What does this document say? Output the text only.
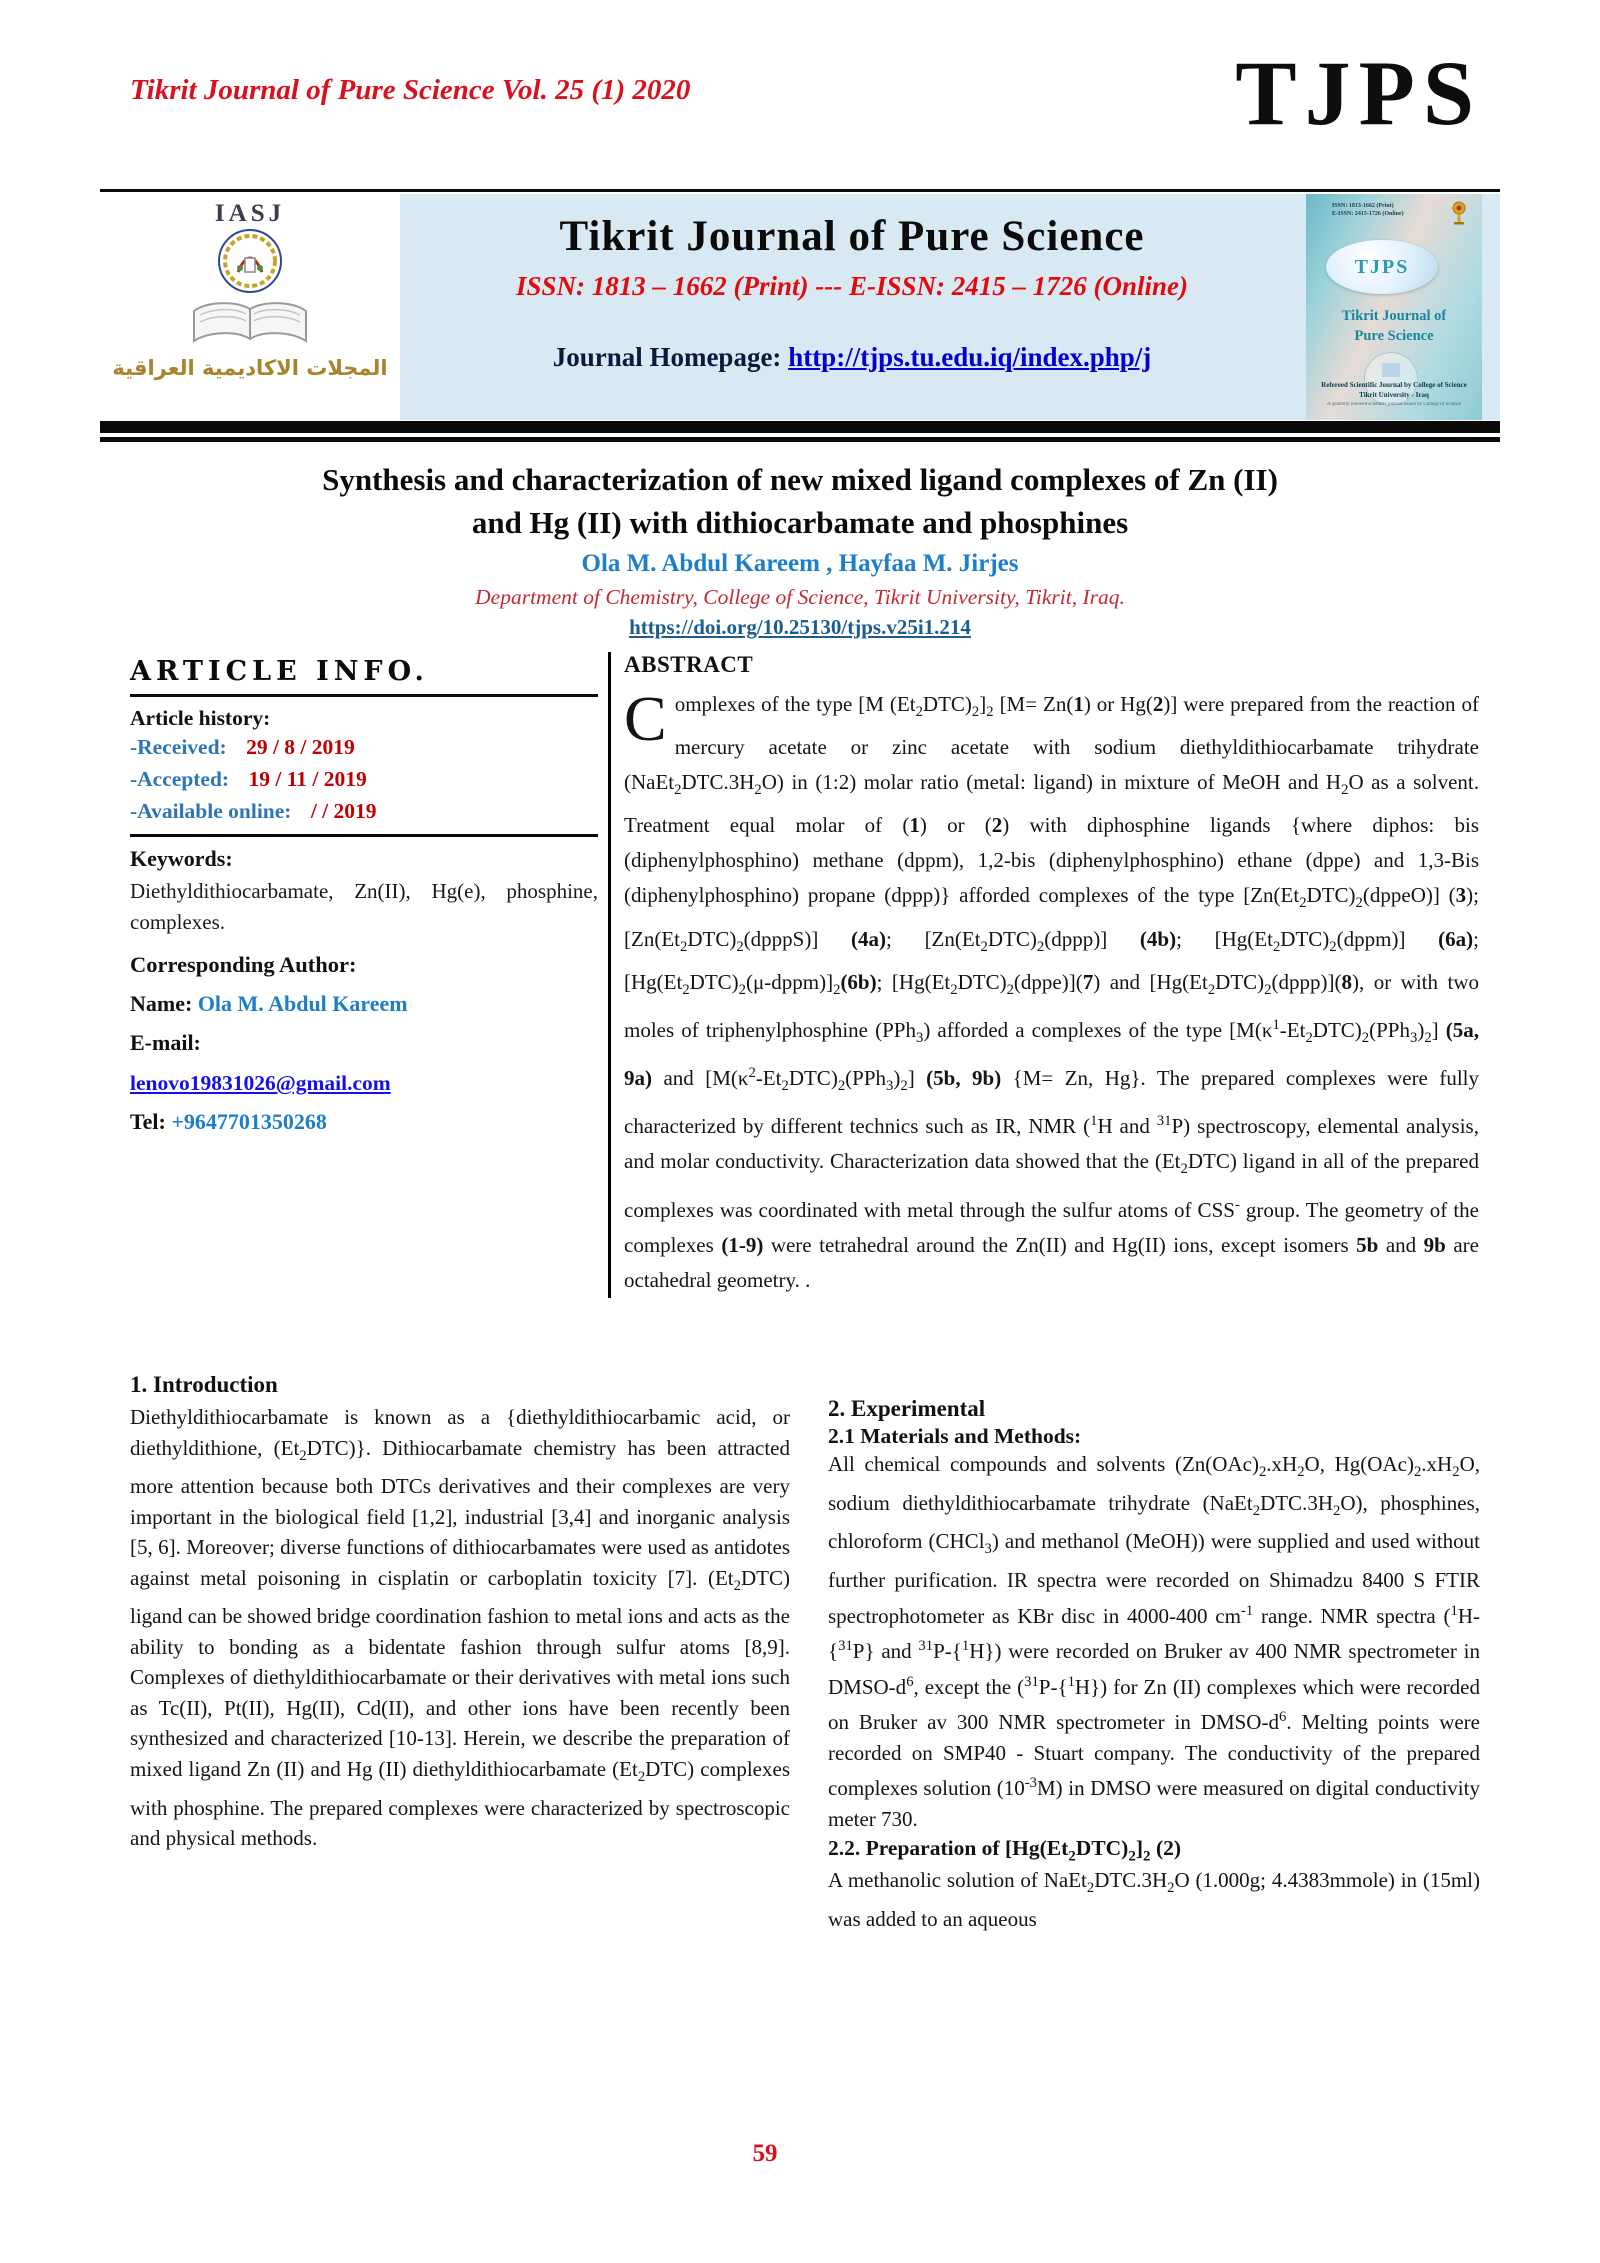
Tikrit Journal of Pure Science Vol. 25 (1) 2020	TJPS
IASJ
المجلات الاكاديمية العراقية
Tikrit Journal of Pure Science
ISSN: 1813 – 1662 (Print) --- E-ISSN: 2415 – 1726 (Online)
Journal Homepage: http://tjps.tu.edu.iq/index.php/j
ISSN: 1813-1662 (Print)
E-ISSN: 2415-1726 (Online)
TJPS
Tikrit Journal of
Pure Science
Refereed Scientific Journal by College of Science
Tikrit University - Iraq
A quarterly refereed scientific journal issued by College of Science
Synthesis and characterization of new mixed ligand complexes of Zn (II)
and Hg (II) with dithiocarbamate and phosphines
Ola M. Abdul Kareem , Hayfaa M. Jirjes
Department of Chemistry, College of Science, Tikrit University, Tikrit, Iraq.
https://doi.org/10.25130/tjps.v25i1.214
ARTICLE INFO.
Article history:
-Received: 29 / 8 / 2019
-Accepted: 19 / 11 / 2019
-Available online: / / 2019
Keywords:
Diethyldithiocarbamate, Zn(II), Hg(e), phosphine, complexes.
Corresponding Author:
Name: Ola M. Abdul Kareem
E-mail:
lenovo19831026@gmail.com
Tel: +9647701350268
ABSTRACT
Complexes of the type [M $(Et_2DTC)_2]_2$ [M= Zn(1) or Hg(2)] were prepared from the reaction of mercury acetate or zinc acetate with sodium diethyldithiocarbamate trihydrate $(NaEt_2DTC.3H_2O)$ in (1:2) molar ratio (metal: ligand) in mixture of MeOH and $H_2O$ as a solvent. Treatment equal molar of (1) or (2) with diphosphine ligands {where diphos: bis (diphenylphosphino) methane (dppm), 1,2-bis (diphenylphosphino) ethane (dppe) and 1,3-Bis (diphenylphosphino) propane (dppp)} afforded complexes of the type $[Zn(Et_2DTC)_2(dppeO)]$ (3); $[Zn(Et_2DTC)_2(dpppS)]$ (4a); $[Zn(Et_2DTC)_2(dppp)]$ (4b); $[Hg(Et_2DTC)_2(dppm)]$ (6a); $[Hg(Et_2DTC)_2(\mu-dppm)]_2(6b)$; $[Hg(Et_2DTC)_2(dppe)](7)$ and $[Hg(Et_2DTC)_2(dppp)](8)$, or with two moles of triphenylphosphine (PPh$_3$) afforded a complexes of the type $[M(\kappa^1-Et_2DTC)_2(PPh_3)_2]$ (5a, 9a) and $[M(\kappa^2-Et_2DTC)_2(PPh_3)_2]$ (5b, 9b) {M= Zn, Hg}. The prepared complexes were fully characterized by different technics such as IR, NMR ($^1$H and $^{31}$P) spectroscopy, elemental analysis, and molar conductivity. Characterization data showed that the $(Et_2DTC)$ ligand in all of the prepared complexes was coordinated with metal through the sulfur atoms of CSS- group. The geometry of the complexes (1-9) were tetrahedral around the Zn(II) and Hg(II) ions, except isomers 5b and 9b are octahedral geometry. .
1. Introduction
Diethyldithiocarbamate is known as a {diethyldithiocarbamic acid, or diethyldithione, $(Et_2DTC)$}. Dithiocarbamate chemistry has been attracted more attention because both DTCs derivatives and their complexes are very important in the biological field [1,2], industrial [3,4] and inorganic analysis [5, 6]. Moreover; diverse functions of dithiocarbamates were used as antidotes against metal poisoning in cisplatin or carboplatin toxicity [7]. $(Et_2DTC)$ ligand can be showed bridge coordination fashion to metal ions and acts as the ability to bonding as a bidentate fashion through sulfur atoms [8,9]. Complexes of diethyldithiocarbamate or their derivatives with metal ions such as Tc(II), Pt(II), Hg(II), Cd(II), and other ions have been recently been synthesized and characterized [10-13]. Herein, we describe the preparation of mixed ligand Zn (II) and Hg (II) diethyldithiocarbamate $(Et_2DTC)$ complexes with phosphine. The prepared complexes were characterized by spectroscopic and physical methods.
2. Experimental
2.1 Materials and Methods:
All chemical compounds and solvents ($Zn(OAc)_2.xH_2O$, $Hg(OAc)_2.xH_2O$, sodium diethyldithiocarbamate trihydrate $(NaEt_2DTC.3H_2O)$, phosphines, chloroform (CHCl$_3$) and methanol (MeOH)) were supplied and used without further purification. IR spectra were recorded on Shimadzu 8400 S FTIR spectrophotometer as KBr disc in 4000-400 $cm^{-1}$ range. NMR spectra ($^1$H-{$^{31}$P} and $^{31}$P-{$^1$H}) were recorded on Bruker av 400 NMR spectrometer in DMSO-$d^6$, except the ($^{31}$P-{$^1$H}) for Zn (II) complexes which were recorded on Bruker av 300 NMR spectrometer in DMSO-$d^6$. Melting points were recorded on SMP40 - Stuart company. The conductivity of the prepared complexes solution $(10^{-3}M)$ in DMSO were measured on digital conductivity meter 730.
2.2. Preparation of $[Hg(Et_2DTC)_2]_2$ (2)
A methanolic solution of $NaEt_2DTC.3H_2O$ (1.000g; 4.4383mmole) in (15ml) was added to an aqueous
59
